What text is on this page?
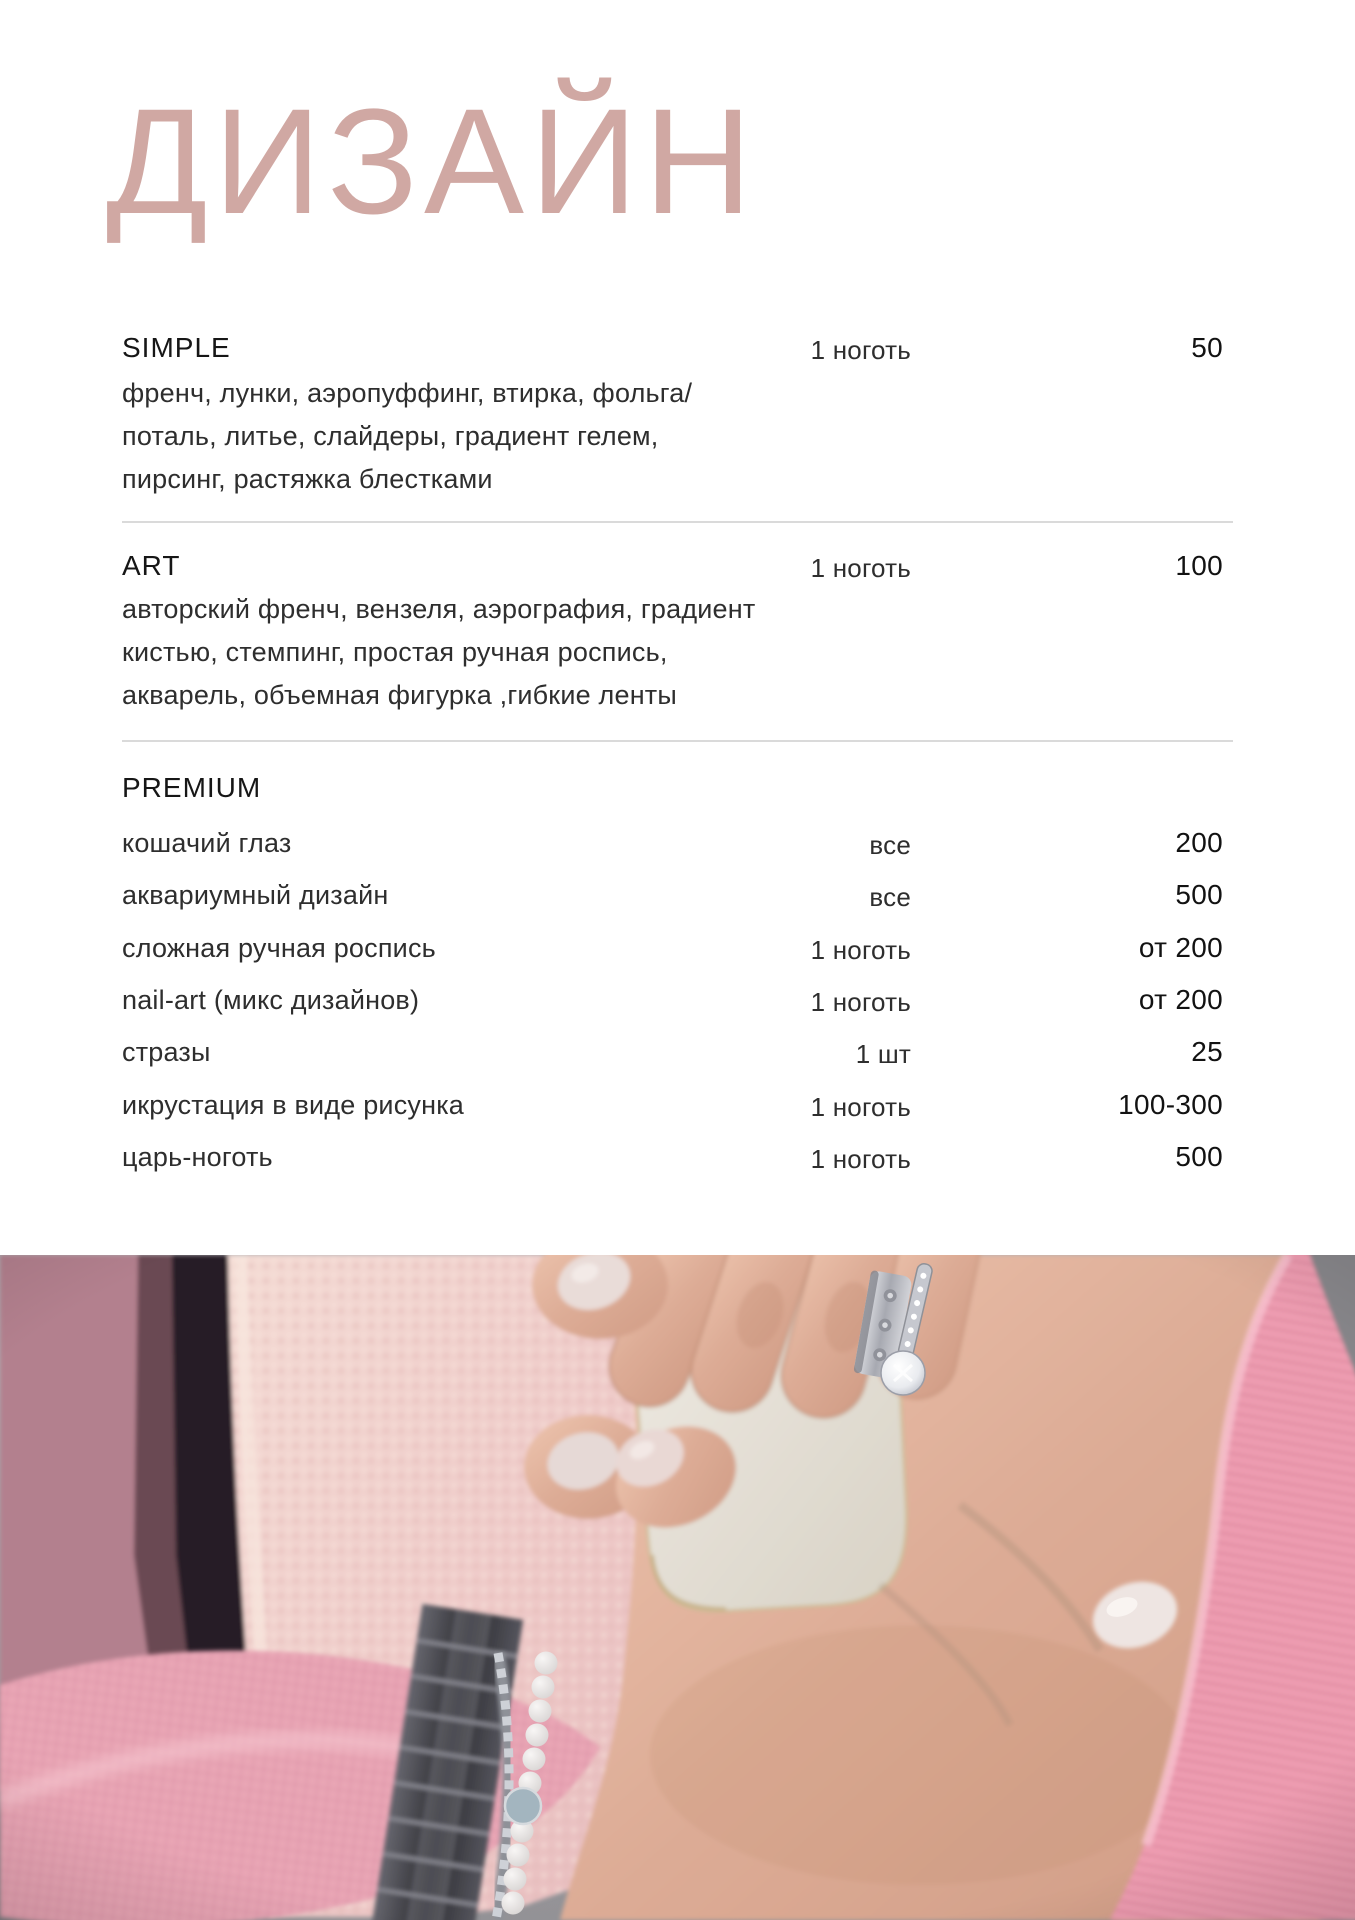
ДИЗАЙН
SIMPLE	1 ноготь	50
френч, лунки, аэропуффинг, втирка, фольга/
поталь, литье, слайдеры, градиент гелем,
пирсинг, растяжка блестками
ART	1 ноготь	100
авторский френч, вензеля, аэрография, градиент
кистью, стемпинг, простая ручная роспись,
акварель, объемная фигурка ,гибкие ленты
PREMIUM
кошачий глаз	все	200
аквариумный дизайн	все	500
сложная ручная роспись	1 ноготь	от 200
nail-art (микс дизайнов)	1 ноготь	от 200
стразы	1 шт	25
икрустация в виде рисунка	1 ноготь	100-300
царь-ноготь	1 ноготь	500
